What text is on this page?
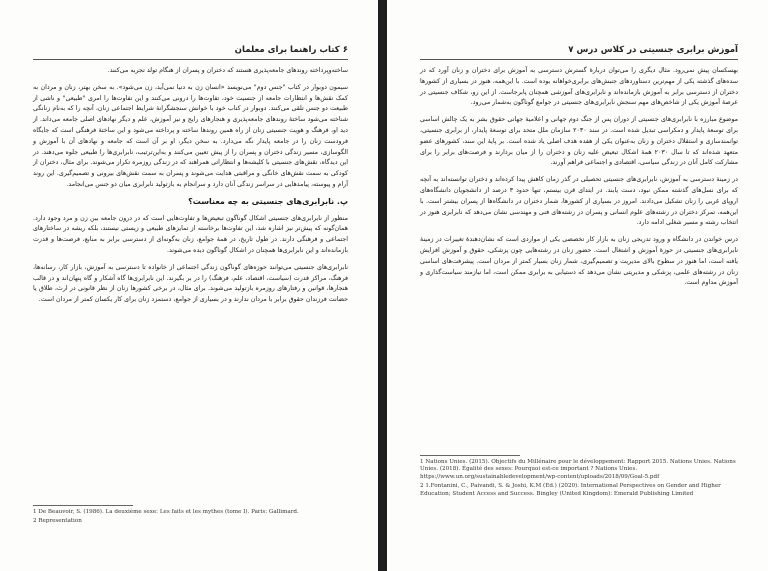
۶ کتاب راهنما برای معلمان

ساخته‌وپرداخته روندهای جامعه‌پذیری هستند که دختران و پسران از هنگام تولد تجربه می‌کنند.

سیمون دوبوار در کتاب "جنس دوم" می‌نویسد «انسان زن به دنیا نمی‌آید، زن می‌شود». به سخن بهتر، زنان و مردان به کمک نقش‌ها و انتظارات جامعه از جنسیت خود، تفاوت‌ها را درونی می‌کنند و این تفاوت‌ها را امری "طبیعی" و ناشی از طبیعت دو جنس تلقی می‌کنند. دوبوار در کتاب خود با خوانش سنجشگرانهٔ شرایط اجتماعی زنان، آنچه را که به‌نام زنانگی شناخته می‌شود ساختهٔ روندهای جامعه‌پذیری و هنجارهای رایج و نیز آموزش، علم و دیگر نهادهای اصلی جامعه می‌داند. از دید او، فرهنگ و هویت جنسیتی زنان از راه همین روندها ساخته و پرداخته می‌شود و این ساختهٔ فرهنگی است که جایگاه فرودست زنان را در جامعه پایدار نگه می‌دارد. به سخن دیگر، او بر آن است که جامعه و نهادهای آن با آموزش و الگوسازی، مسیر زندگی دختران و پسران را از پیش تعیین می‌کنند و به‌این‌ترتیب، نابرابری‌ها را طبیعی جلوه می‌دهند. در این دیدگاه، نقش‌های جنسیتی با کلیشه‌ها و انتظاراتی همراهند که در زندگی روزمره تکرار می‌شوند. برای مثال، دختران از کودکی به سمت نقش‌های خانگی و مراقبتی هدایت می‌شوند و پسران به سمت نقش‌های بیرونی و تصمیم‌گیری. این روند آرام و پیوسته، پیامدهایی در سراسر زندگی آنان دارد و سرانجام به بازتولید نابرابری میان دو جنس می‌انجامد.

پ. نابرابری‌های جنسیتی به چه معناست؟

منظور از نابرابری‌های جنسیتی اشکال گوناگون تبعیض‌ها و تفاوت‌هایی است که در درون جامعه بین زن و مرد وجود دارد. همان‌گونه که پیش‌تر نیز اشاره شد، این تفاوت‌ها برخاسته از تمایزهای طبیعی و زیستی نیستند، بلکه ریشه در ساختارهای اجتماعی و فرهنگی دارند. در طول تاریخ، در همهٔ جوامع، زنان به‌گونه‌ای از دسترسی برابر به منابع، فرصت‌ها و قدرت بازمانده‌اند و این نابرابری‌ها همچنان در اشکال گوناگون دیده می‌شوند.

نابرابری‌های جنسیتی می‌توانند حوزه‌های گوناگون زندگی اجتماعی از خانواده تا دسترسی به آموزش، بازار کار، رسانه‌ها، فرهنگ، مراکز قدرت (سیاست، اقتصاد، علم، فرهنگ) را در بر بگیرند. این نابرابری‌ها گاه آشکار و گاه پنهان‌اند و در قالب هنجارها، قوانین و رفتارهای روزمره بازتولید می‌شوند. برای مثال، در برخی کشورها زنان از نظر قانونی در ارث، طلاق یا حضانت فرزندان حقوق برابر با مردان ندارند و در بسیاری از جوامع، دستمزد زنان برای کار یکسان کمتر از مردان است.

1 De Beauvoir, S. (1986). La deuxième sexe: Les faits et les mythes (tome I). Paris: Gallimard.

2 Representation

آموزش برابری جنسیتی در کلاس درس ۷

بهسکسان پیش نمی‌رود. مثال دیگری را می‌توان دربارهٔ گسترش دسترسی به آموزش برای دختران و زنان آورد که در سده‌های گذشته یکی از مهم‌ترین دستاوردهای جنبش‌های برابری‌خواهانه بوده است. با این‌همه، هنوز در بسیاری از کشورها دختران از دسترسی برابر به آموزش بازمانده‌اند و نابرابری‌های آموزشی همچنان پابرجاست. از این رو، شکاف جنسیتی در عرصهٔ آموزش یکی از شاخص‌های مهم سنجش نابرابری‌های جنسیتی در جوامع گوناگون به‌شمار می‌رود.

موضوع مبارزه با نابرابری‌های جنسیتی از دوران پس از جنگ دوم جهانی و اعلامیهٔ جهانی حقوق بشر به یک چالش اساسی برای توسعهٔ پایدار و دمکراسی تبدیل شده است. در سند ۲۰۳۰ سازمان ملل متحد برای توسعهٔ پایدار، از برابری جنسیتی، توانمندسازی و استقلال دختران و زنان به‌عنوان یکی از هفده هدف اصلی یاد شده است. بر پایهٔ این سند، کشورهای عضو متعهد شده‌اند که تا سال ۲۰۳۰ همهٔ اشکال تبعیض علیه زنان و دختران را از میان بردارند و فرصت‌های برابر را برای مشارکت کامل آنان در زندگی سیاسی، اقتصادی و اجتماعی فراهم آورند.

در زمینهٔ دسترسی به آموزش، نابرابری‌های جنسیتی تحصیلی در گذر زمان کاهش پیدا کرده‌اند و دختران توانسته‌اند به آنچه که برای نسل‌های گذشته ممکن نبود، دست یابند. در ابتدای قرن بیستم، تنها حدود ۳ درصد از دانشجویان دانشگاه‌های اروپای غربی را زنان تشکیل می‌دادند. امروز در بسیاری از کشورها، شمار دختران در دانشگاه‌ها از پسران بیشتر است. با این‌همه، تمرکز دختران در رشته‌های علوم انسانی و پسران در رشته‌های فنی و مهندسی نشان می‌دهد که نابرابری هنوز در انتخاب رشته و مسیر شغلی ادامه دارد.

درس خواندن در دانشگاه و ورود تدریجی زنان به بازار کار تخصصی یکی از مواردی است که نشان‌دهندهٔ تغییرات در زمینهٔ نابرابری‌های جنسیتی در حوزهٔ آموزش و اشتغال است. حضور زنان در رشته‌هایی چون پزشکی، حقوق و آموزش افزایش یافته است، اما هنوز در سطوح بالای مدیریت و تصمیم‌گیری، شمار زنان بسیار کمتر از مردان است. پیشرفت‌های اساسی زنان در رشته‌های علمی، پزشکی و مدیریتی نشان می‌دهد که دستیابی به برابری ممکن است، اما نیازمند سیاست‌گذاری و آموزش مداوم است.

1 Nations Unies. (2015). Objectifs du Millénaire pour le développement: Rapport 2015. Nations Unies. Nations Unies. (2018). Égalité des sexes: Pourquoi est-ce important ? Nations Unies. https://www.un.org/sustainabledevelopment/wp-content/uploads/2018/09/Goal-5.pdf

2 1.Fontanini, C., Paivandi, S. & Joshi, K.M (Ed.) (2020). International Perspectives on Gender and Higher Education; Student Access and Success. Bingley (United Kingdom): Emerald Publishing Limited
